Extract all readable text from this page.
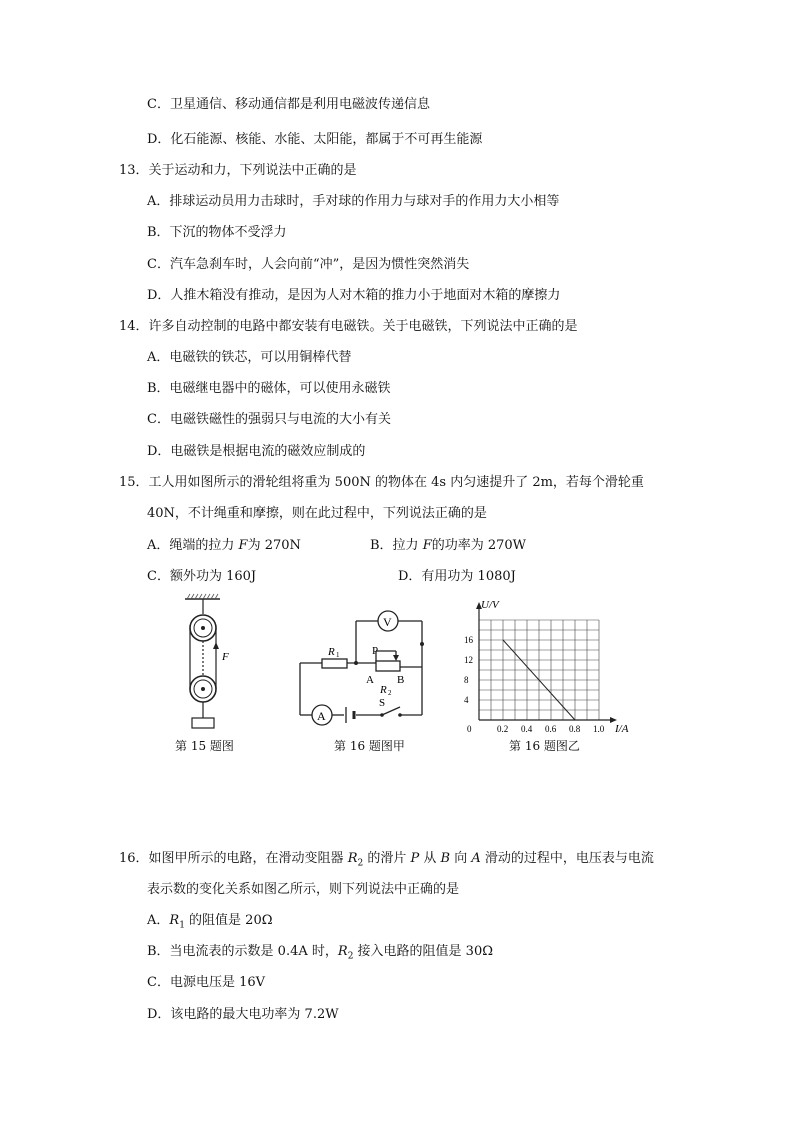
C．卫星通信、移动通信都是利用电磁波传递信息
D．化石能源、核能、水能、太阳能，都属于不可再生能源
13．关于运动和力，下列说法中正确的是
A．排球运动员用力击球时，手对球的作用力与球对手的作用力大小相等
B．下沉的物体不受浮力
C．汽车急刹车时，人会向前“冲”，是因为惯性突然消失
D．人推木箱没有推动，是因为人对木箱的推力小于地面对木箱的摩擦力
14．许多自动控制的电路中都安装有电磁铁。关于电磁铁，下列说法中正确的是
A．电磁铁的铁芯，可以用铜棒代替
B．电磁继电器中的磁体，可以使用永磁铁
C．电磁铁磁性的强弱只与电流的大小有关
D．电磁铁是根据电流的磁效应制成的
15．工人用如图所示的滑轮组将重为 500N 的物体在 4s 内匀速提升了 2m，若每个滑轮重
40N，不计绳重和摩擦，则在此过程中，下列说法正确的是
A．绳端的拉力 F为 270N	B．拉力 F的功率为 270W
C．额外功为 160J	D．有用功为 1080J
F
第 15 题图
R 1
R 2
A B
P
V
A
S
第 16 题图甲
0.2 0.4 0.6 0.8 1.0
4
8
12
16
0	I/A
U/V
第 16 题图乙
16．如图甲所示的电路，在滑动变阻器 $R_2$ 的滑片 P 从 B 向 A 滑动的过程中，电压表与电流
表示数的变化关系如图乙所示，则下列说法中正确的是
A．$R_1$ 的阻值是 20Ω
B．当电流表的示数是 0.4A 时，$R_2$ 接入电路的阻值是 30Ω
C．电源电压是 16V
D．该电路的最大电功率为 7.2W
